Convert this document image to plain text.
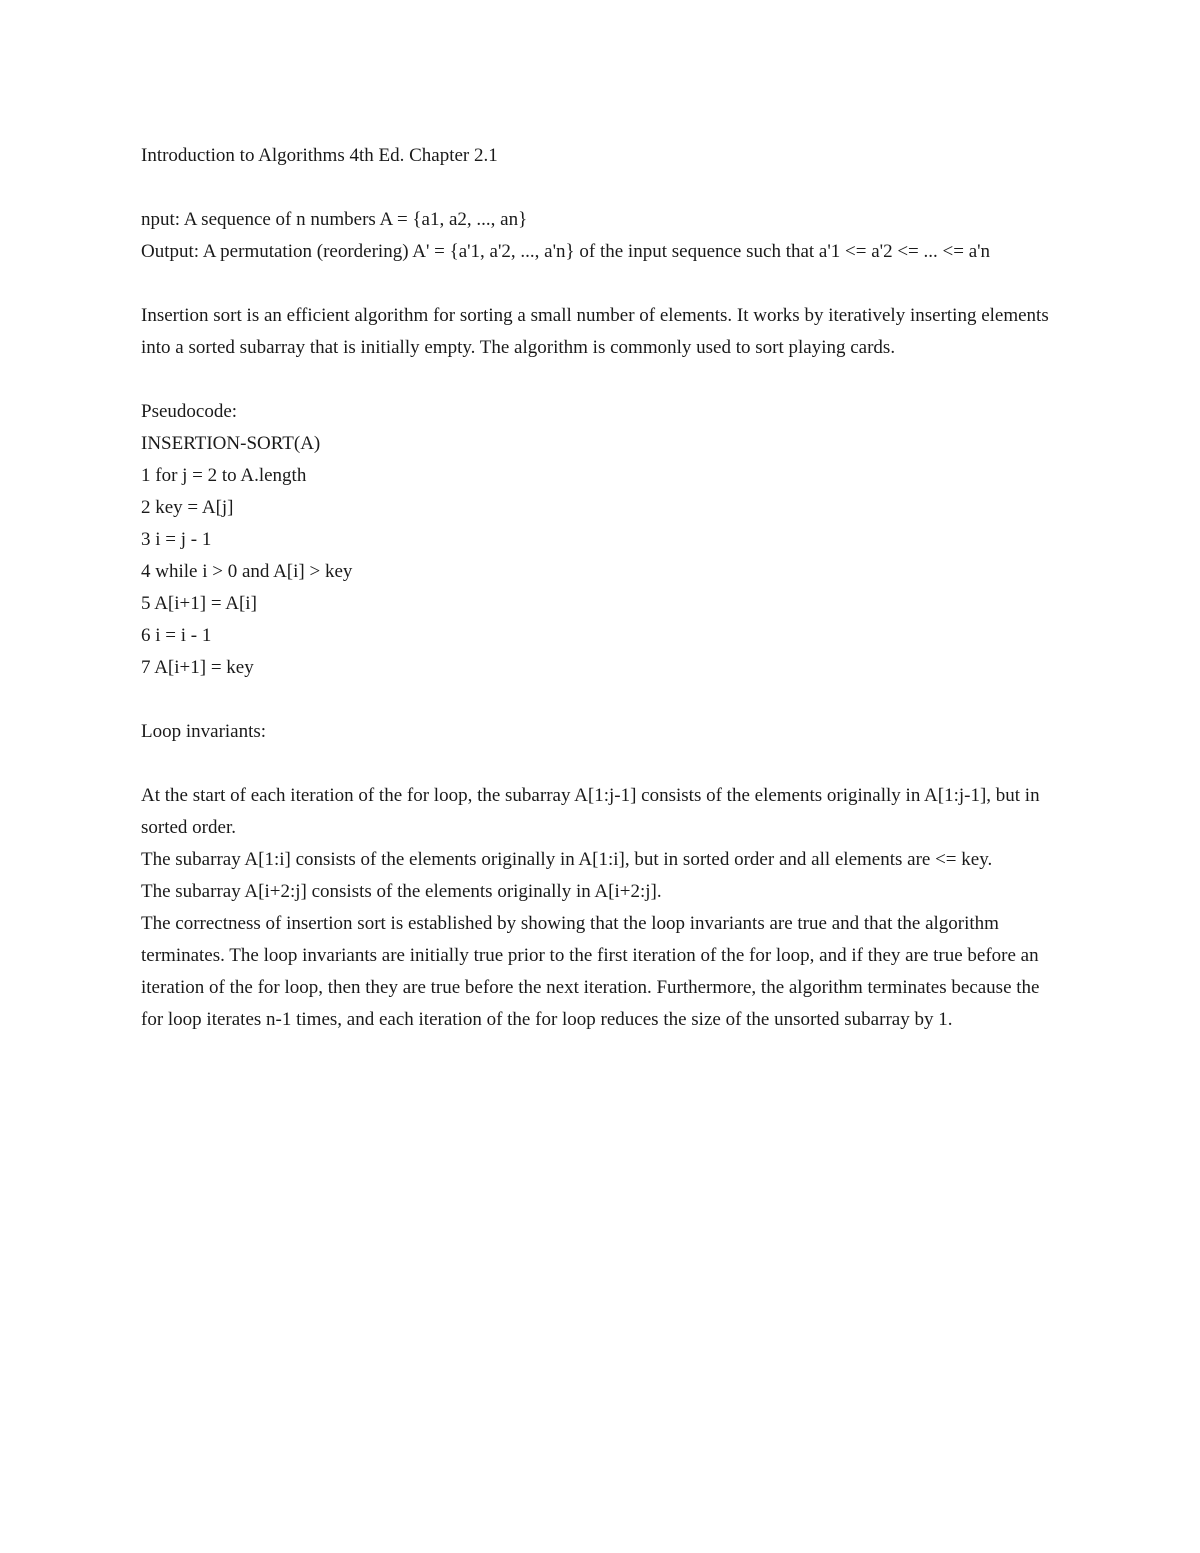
Introduction to Algorithms 4th Ed. Chapter 2.1
nput: A sequence of n numbers A = {a1, a2, ..., an}
Output: A permutation (reordering) A' = {a'1, a'2, ..., a'n} of the input sequence such that a'1 <= a'2 <= ... <= a'n
Insertion sort is an efficient algorithm for sorting a small number of elements. It works by iteratively inserting elements into a sorted subarray that is initially empty. The algorithm is commonly used to sort playing cards.
Pseudocode:
INSERTION-SORT(A)
1 for j = 2 to A.length
2 key = A[j]
3 i = j - 1
4 while i > 0 and A[i] > key
5 A[i+1] = A[i]
6 i = i - 1
7 A[i+1] = key
Loop invariants:
At the start of each iteration of the for loop, the subarray A[1:j-1] consists of the elements originally in A[1:j-1], but in sorted order.
The subarray A[1:i] consists of the elements originally in A[1:i], but in sorted order and all elements are <= key.
The subarray A[i+2:j] consists of the elements originally in A[i+2:j].
The correctness of insertion sort is established by showing that the loop invariants are true and that the algorithm terminates. The loop invariants are initially true prior to the first iteration of the for loop, and if they are true before an iteration of the for loop, then they are true before the next iteration. Furthermore, the algorithm terminates because the for loop iterates n-1 times, and each iteration of the for loop reduces the size of the unsorted subarray by 1.
